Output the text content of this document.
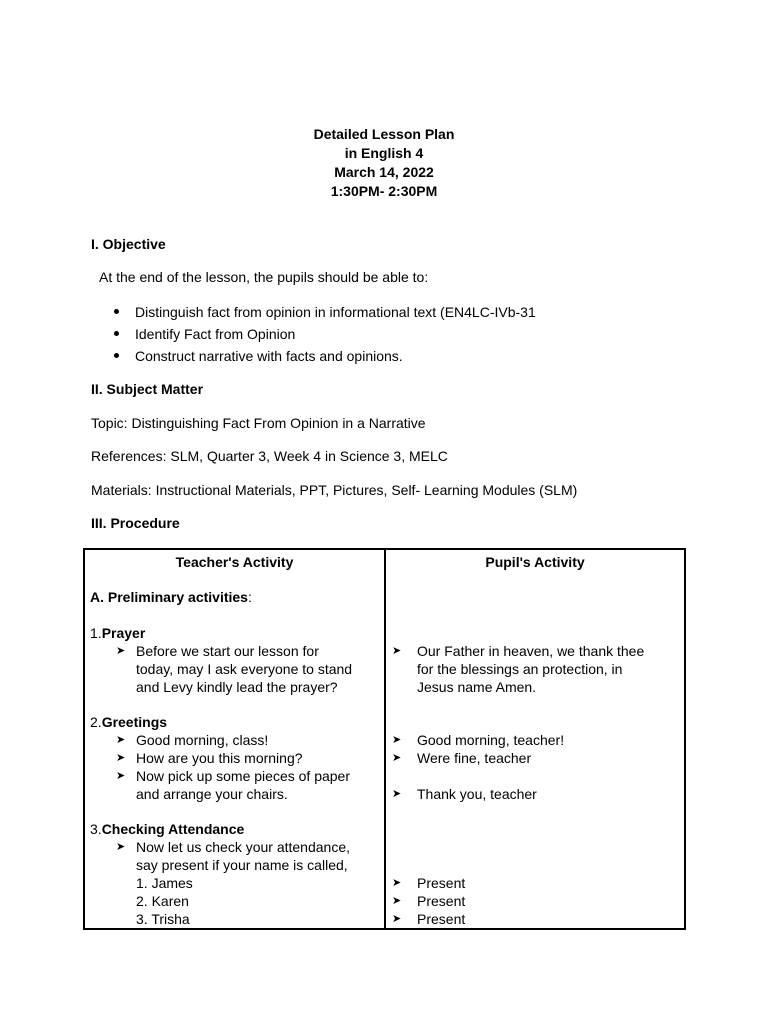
Detailed Lesson Plan
in English 4
March 14, 2022
1:30PM- 2:30PM
I. Objective
At the end of the lesson, the pupils should be able to:
Distinguish fact from opinion in informational text (EN4LC-IVb-31
Identify Fact from Opinion
Construct narrative with facts and opinions.
II. Subject Matter
Topic: Distinguishing Fact From Opinion in a Narrative
References: SLM, Quarter 3, Week 4 in Science 3, MELC
Materials: Instructional Materials, PPT, Pictures, Self- Learning Modules (SLM)
III. Procedure
Teacher's Activity	Pupil's Activity
A. Preliminary activities:
1.Prayer
➤ Before we start our lesson for
today, may I ask everyone to stand
and Levy kindly lead the prayer?
➤ Our Father in heaven, we thank thee
for the blessings an protection, in
Jesus name Amen.
2.Greetings
➤ Good morning, class!
➤ How are you this morning?
➤ Now pick up some pieces of paper
and arrange your chairs.
➤ Good morning, teacher!
➤ Were fine, teacher
➤ Thank you, teacher
3.Checking Attendance
➤ Now let us check your attendance,
say present if your name is called,
1. James
2. Karen
3. Trisha
➤ Present
➤ Present
➤ Present
